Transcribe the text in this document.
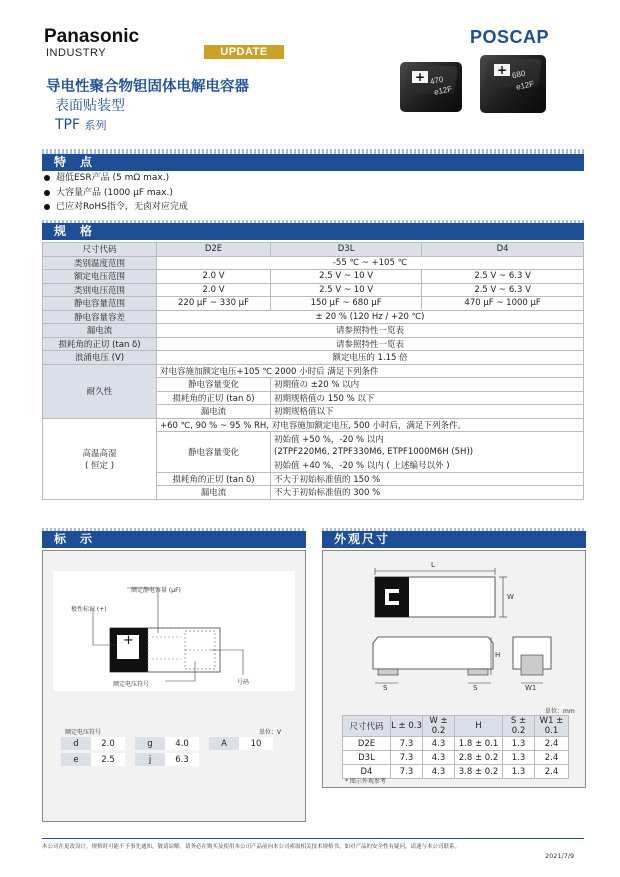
Panasonic
INDUSTRY	UPDATE
POSCAP
导电性聚合物钽固体电解电容器
表面贴装型
TPF 系列
+ 470
e12F
+ 680
e12F
特点
超低ESR产品 (5 mΩ max.)
大容量产品 (1000 μF max.)
已应对RoHS指令，无卤对应完成
规格
尺寸代码	D2E	D3L	D4
类别温度范围	-55 ℃ ~ +105 ℃		
额定电压范围	2.0 V	2.5 V ~ 10 V	2.5 V ~ 6.3 V
类别电压范围	2.0 V	2.5 V ~ 10 V	2.5 V ~ 6.3 V
静电容量范围	220 μF ~ 330 μF	150 μF ~ 680 μF	470 μF ~ 1000 μF
静电容量容差	± 20 % (120 Hz / +20 ℃)		
漏电流	请参照特性一览表		
损耗角的正切 (tan δ)	请参照特性一览表		
浪涌电压 (V)	额定电压的 1.15 倍		
耐久性	对电容施加额定电压+105 ℃ 2000 小时后 满足下列条件		
	静电容量变化	初期值の ±20 % 以内	
	损耗角的正切 (tan δ)	初期规格值の 150 % 以下	
	漏电流	初期规格值以下	

高温高湿
( 恒定 )	+60 ℃, 90 % ~ 95 % RH, 对电容施加额定电压, 500 小时后，满足下列条件。		
	静电容量变化	初始值 +50 %，-20 % 以内	
		(2TPF220M6, 2TPF330M6, ETPF1000M6H (5H))	
		初始值 +40 %，-20 % 以内 ( 上述编号以外 )	
	损耗角的正切 (tan δ)	不大于初始标准值的 150 %	
	漏电流	不大于初始标准值的 300 %	
标示
+
极性标识 (+)
额定静电容量 (μF)
号码
额定电压符号
额定电压符号	単位：V
d	2.0		g	4.0		A	10

e	2.5		j	6.3			
外观尺寸
L
W
H
S	S	W1
単位：mm
尺寸代码	L ± 0.3	W ± 0.2	H	S ± 0.2	W1 ± 0.1
D2E	7.3	4.3	1.8 ± 0.1	1.3	2.4
D3L	7.3	4.3	2.8 ± 0.2	1.3	2.4
D4	7.3	4.3	3.8 ± 0.2	1.3	2.4
* 图示外观参考
本公司在更改设计，规格时可能不予事先通知，敬请谅解。请务必在购买及使用本公司产品前向本公司索取相关技术规格书，如对产品的安全性有疑问，请速与本公司联系。
2021/7/9
